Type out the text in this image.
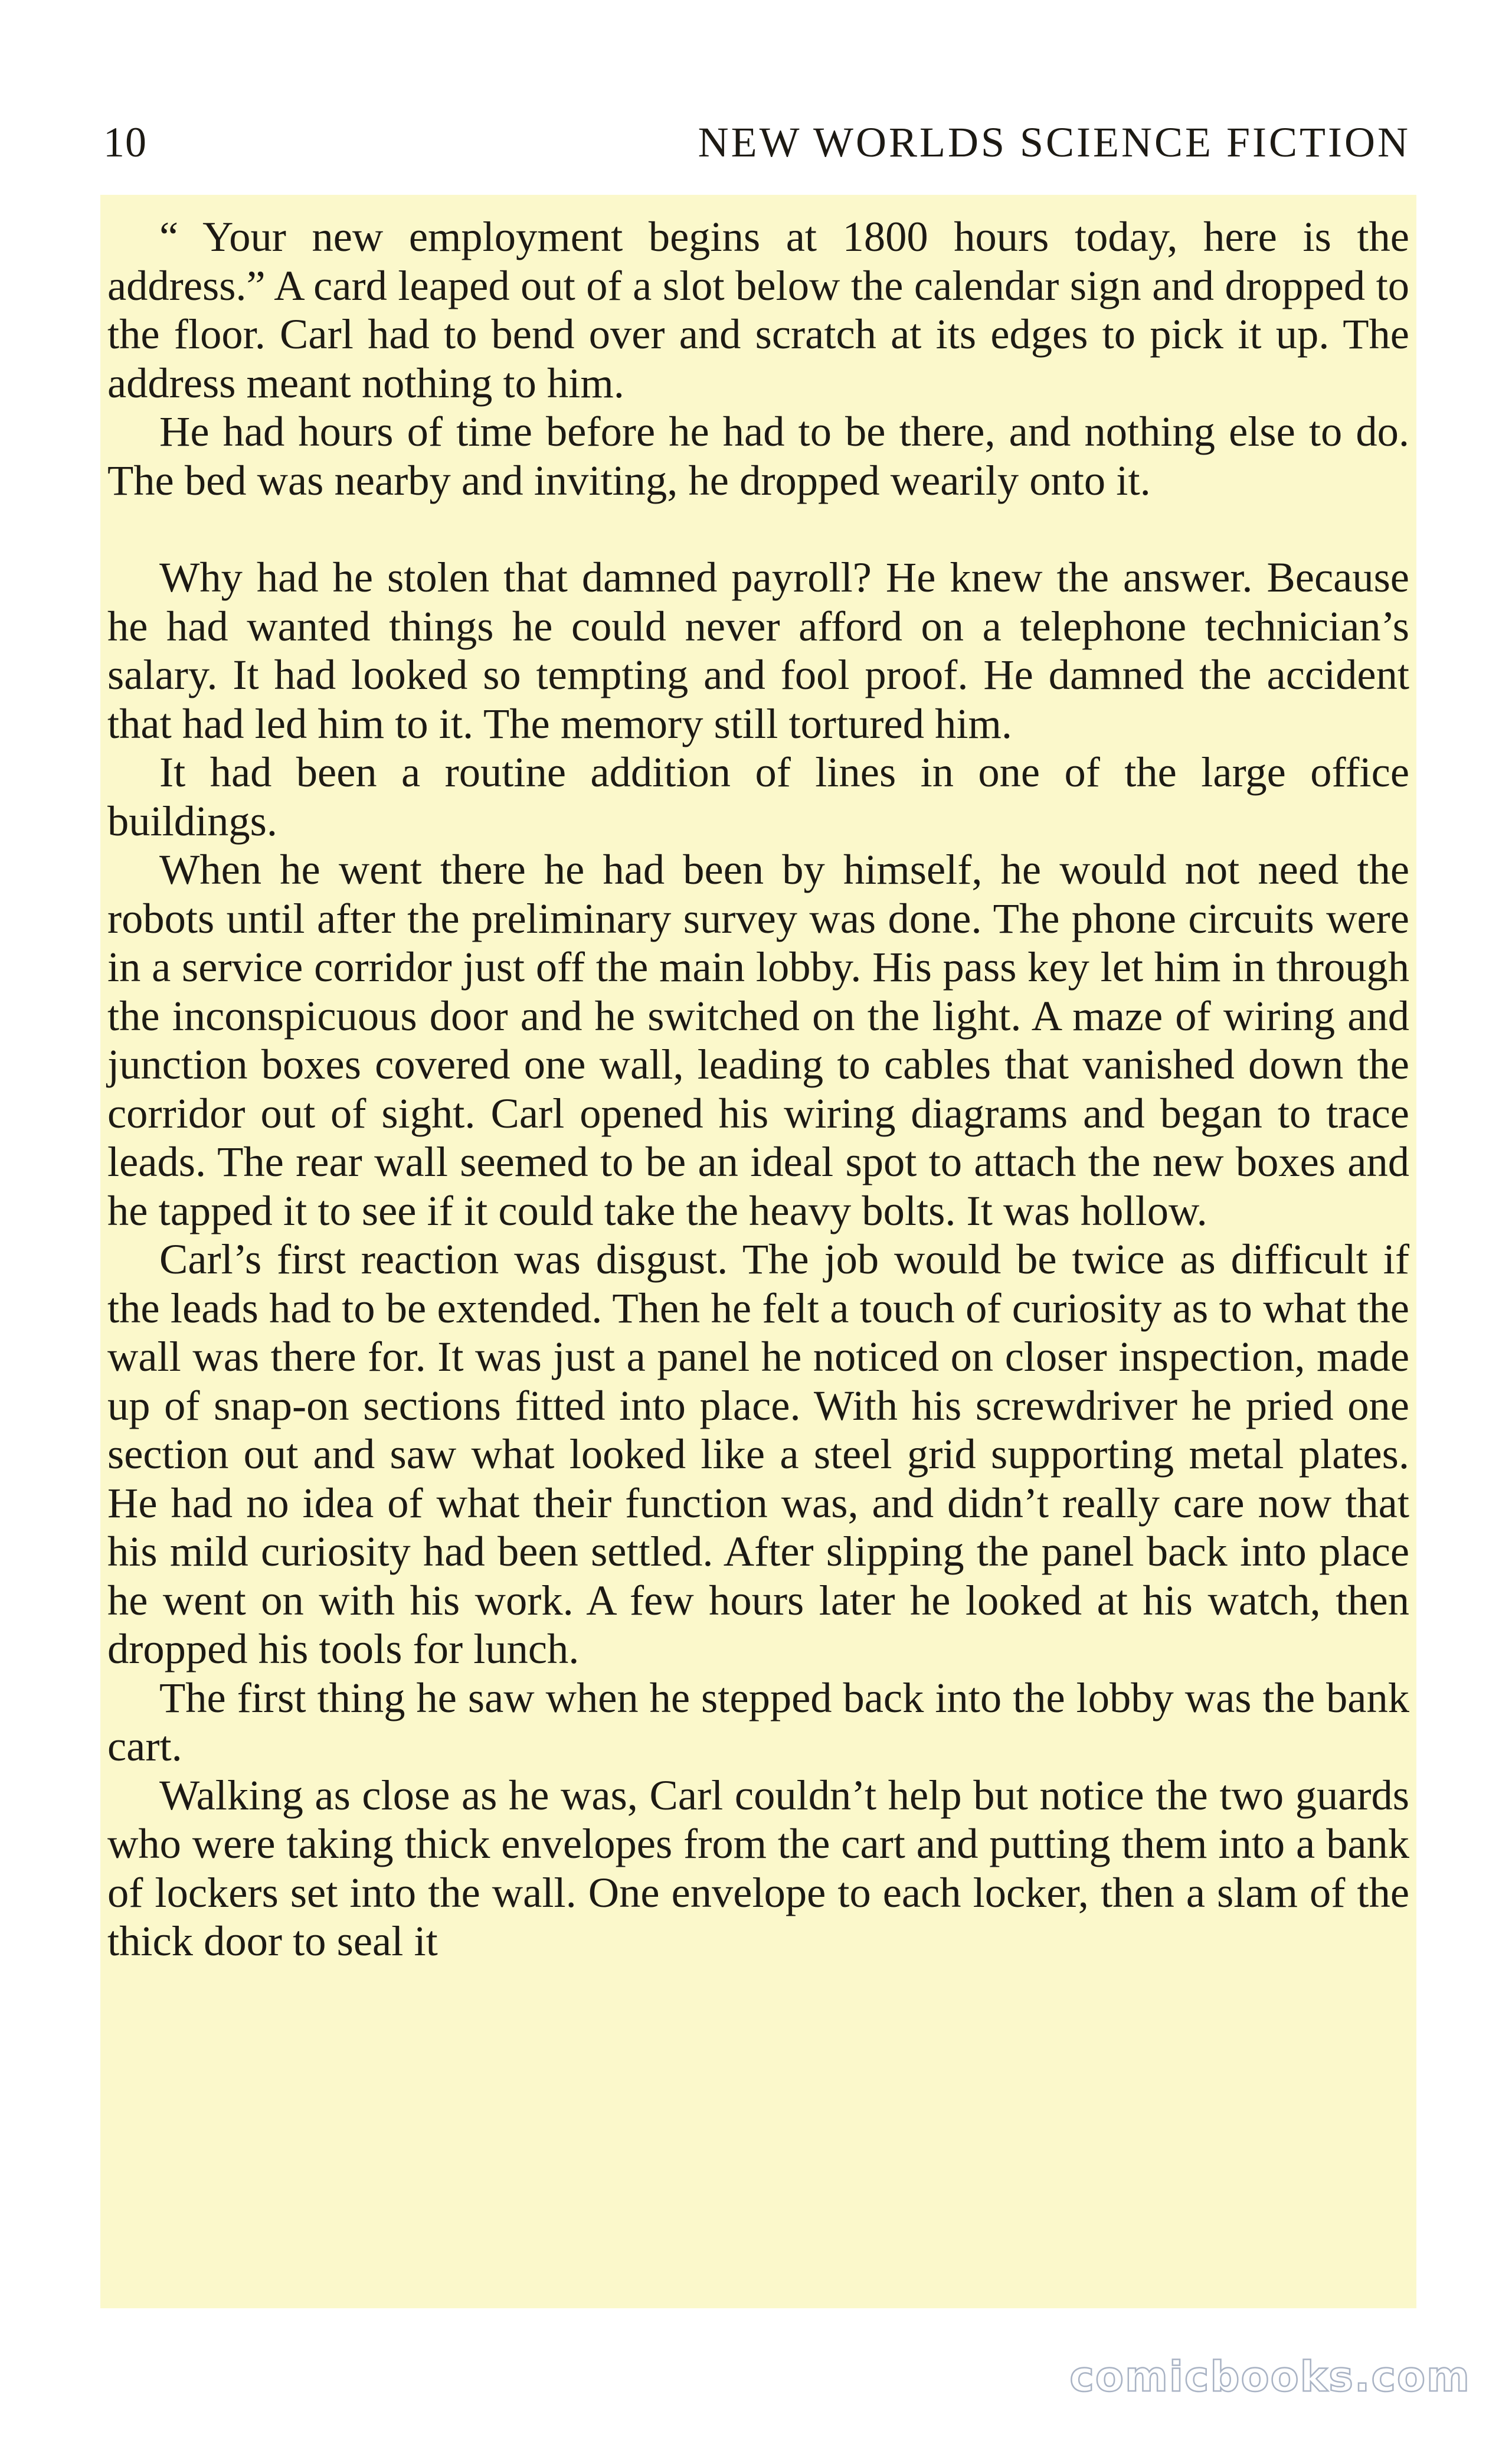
10	NEW WORLDS SCIENCE FICTION

“ Your new employment begins at 1800 hours today, here is the address.” A card leaped out of a slot below the calendar sign and dropped to the floor. Carl had to bend over and scratch at its edges to pick it up. The address meant nothing to him.

He had hours of time before he had to be there, and nothing else to do. The bed was nearby and inviting, he dropped wearily onto it.

Why had he stolen that damned payroll? He knew the answer. Because he had wanted things he could never afford on a telephone technician’s salary. It had looked so tempting and fool proof. He damned the accident that had led him to it. The memory still tortured him.

It had been a routine addition of lines in one of the large office buildings.

When he went there he had been by himself, he would not need the robots until after the preliminary survey was done. The phone circuits were in a service corridor just off the main lobby. His pass key let him in through the inconspicuous door and he switched on the light. A maze of wiring and junction boxes covered one wall, leading to cables that vanished down the corridor out of sight. Carl opened his wiring diagrams and began to trace leads. The rear wall seemed to be an ideal spot to attach the new boxes and he tapped it to see if it could take the heavy bolts. It was hollow.

Carl’s first reaction was disgust. The job would be twice as difficult if the leads had to be extended. Then he felt a touch of curiosity as to what the wall was there for. It was just a panel he noticed on closer inspection, made up of snap-on sections fitted into place. With his screwdriver he pried one section out and saw what looked like a steel grid supporting metal plates. He had no idea of what their function was, and didn’t really care now that his mild curiosity had been settled. After slipping the panel back into place he went on with his work. A few hours later he looked at his watch, then dropped his tools for lunch.

The first thing he saw when he stepped back into the lobby was the bank cart.

Walking as close as he was, Carl couldn’t help but notice the two guards who were taking thick envelopes from the cart and putting them into a bank of lockers set into the wall. One envelope to each locker, then a slam of the thick door to seal it

comicbooks.com
